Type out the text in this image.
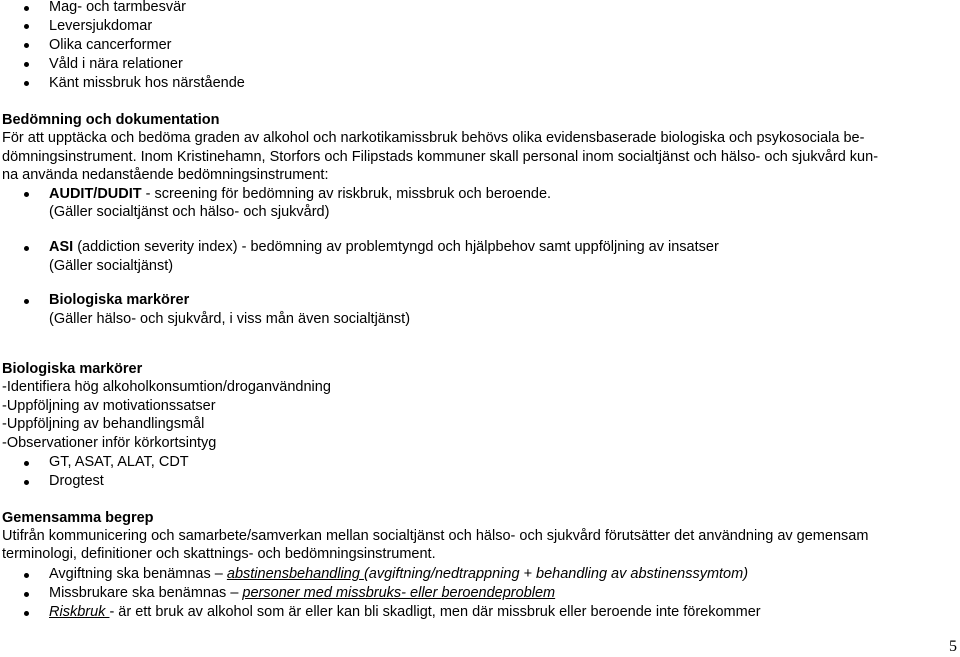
Mag- och tarmbesvär
Leversjukdomar
Olika cancerformer
Våld i nära relationer
Känt missbruk hos närstående
Bedömning och dokumentation
För att upptäcka och bedöma graden av alkohol och narkotikamissbruk behövs olika evidensbaserade biologiska och psykosociala be-
dömningsinstrument. Inom Kristinehamn, Storfors och Filipstads kommuner skall personal inom socialtjänst och hälso- och sjukvård kun-
na använda nedanstående bedömningsinstrument:
AUDIT/DUDIT - screening för bedömning av riskbruk, missbruk och beroende.
(Gäller socialtjänst och hälso- och sjukvård)
ASI (addiction severity index) - bedömning av problemtyngd och hjälpbehov samt uppföljning av insatser
(Gäller socialtjänst)
Biologiska markörer
(Gäller hälso- och sjukvård, i viss mån även socialtjänst)
Biologiska markörer
-Identifiera hög alkoholkonsumtion/droganvändning
-Uppföljning av motivationssatser
-Uppföljning av behandlingsmål
-Observationer inför körkortsintyg
GT, ASAT, ALAT, CDT
Drogtest
Gemensamma begrep
Utifrån kommunicering och samarbete/samverkan mellan socialtjänst och hälso- och sjukvård förutsätter det användning av gemensam
terminologi, definitioner och skattnings- och bedömningsinstrument.
Avgiftning ska benämnas – abstinensbehandling (avgiftning/nedtrappning + behandling av abstinenssymtom)
Missbrukare ska benämnas – personer med missbruks- eller beroendeproblem
Riskbruk - är ett bruk av alkohol som är eller kan bli skadligt, men där missbruk eller beroende inte förekommer
5
